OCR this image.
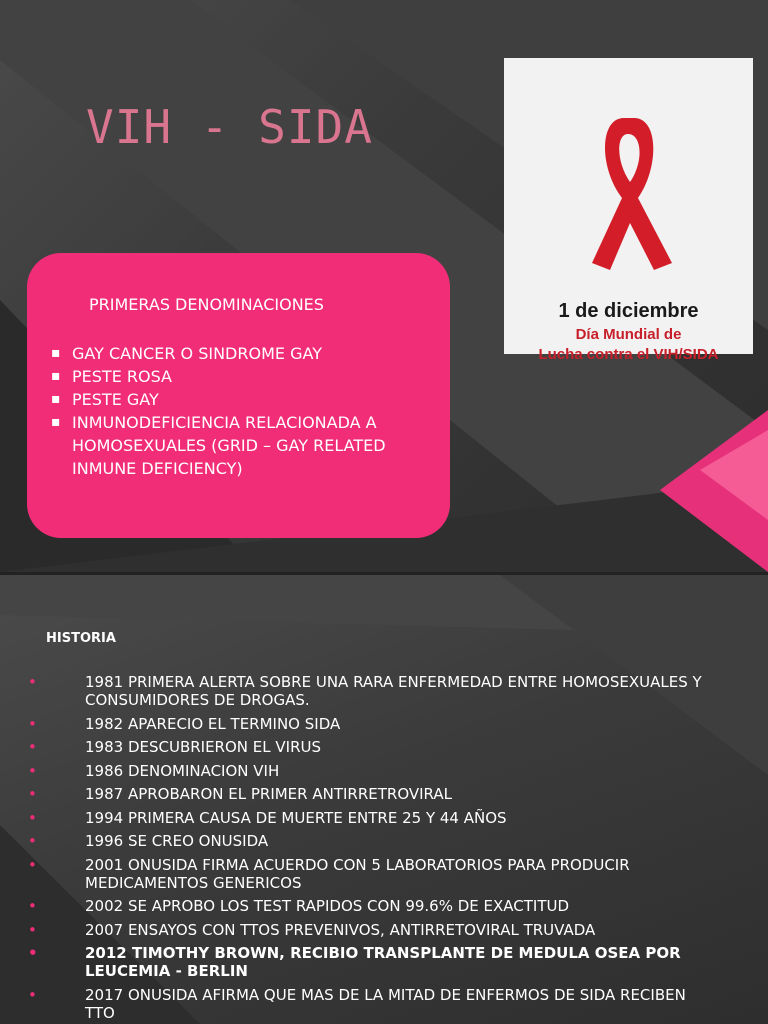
VIH - SIDA
1 de diciembre
Día Mundial de
Lucha contra el VIH/SIDA
PRIMERAS DENOMINACIONES
▪ GAY CANCER O SINDROME GAY
▪ PESTE ROSA
▪ PESTE GAY
▪ INMUNODEFICIENCIA RELACIONADA A HOMOSEXUALES (GRID – GAY RELATED INMUNE DEFICIENCY)
HISTORIA
• 1981 PRIMERA ALERTA SOBRE UNA RARA ENFERMEDAD ENTRE HOMOSEXUALES Y CONSUMIDORES DE DROGAS.
• 1982 APARECIO EL TERMINO SIDA
• 1983 DESCUBRIERON EL VIRUS
• 1986 DENOMINACION VIH
• 1987 APROBARON EL PRIMER ANTIRRETROVIRAL
• 1994 PRIMERA CAUSA DE MUERTE ENTRE 25 Y 44 AÑOS
• 1996 SE CREO ONUSIDA
• 2001 ONUSIDA FIRMA ACUERDO CON 5 LABORATORIOS PARA PRODUCIR MEDICAMENTOS GENERICOS
• 2002 SE APROBO LOS TEST RAPIDOS CON 99.6% DE EXACTITUD
• 2007 ENSAYOS CON TTOS PREVENIVOS, ANTIRRETOVIRAL TRUVADA
• 2012 TIMOTHY BROWN, RECIBIO TRANSPLANTE DE MEDULA OSEA POR LEUCEMIA - BERLIN
• 2017 ONUSIDA AFIRMA QUE MAS DE LA MITAD DE ENFERMOS DE SIDA RECIBEN TTO
